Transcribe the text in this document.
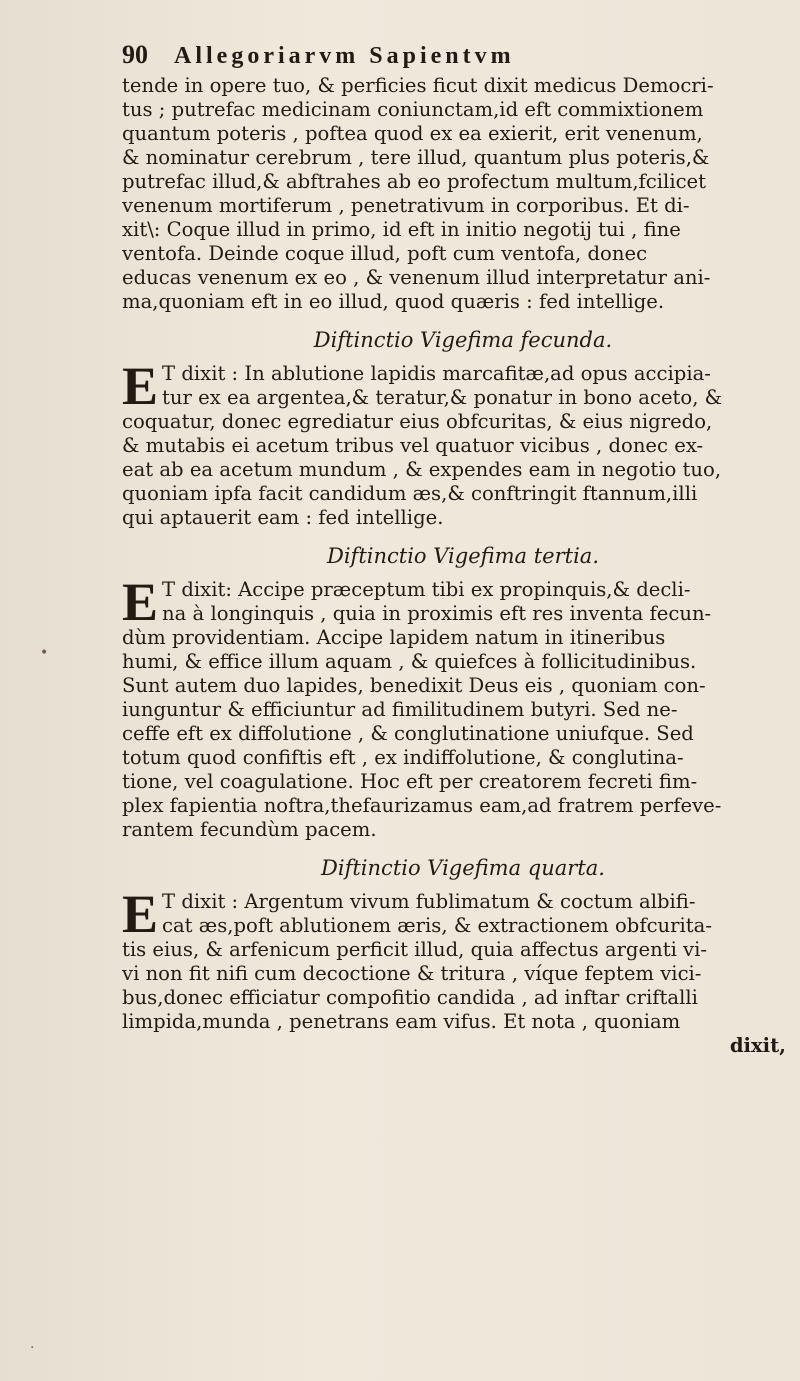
90	Allegoriarvm Sapientvm
tende in opere tuo, & perficies ficut dixit medicus Democri-
tus ; putrefac medicinam coniunctam,id eft commixtionem
quantum poteris , poftea quod ex ea exierit, erit venenum,
& nominatur cerebrum , tere illud, quantum plus poteris,&
putrefac illud,& abftrahes ab eo profectum multum,fcilicet
venenum mortiferum , penetrativum in corporibus. Et di-
xit\: Coque illud in primo, id eft in initio negotij tui , fine
ventofa. Deinde coque illud, poft cum ventofa, donec
educas venenum ex eo , & venenum illud interpretatur ani-
ma,quoniam eft in eo illud, quod quæris : fed intellige.
Diftinctio Vigefima fecunda.
E T dixit : In ablutione lapidis marcafitæ,ad opus accipia-
tur ex ea argentea,& teratur,& ponatur in bono aceto, &
coquatur, donec egrediatur eius obfcuritas, & eius nigredo,
& mutabis ei acetum tribus vel quatuor vicibus , donec ex-
eat ab ea acetum mundum , & expendes eam in negotio tuo,
quoniam ipfa facit candidum æs,& conftringit ftannum,illi
qui aptauerit eam : fed intellige.
Diftinctio Vigefima tertia.
E T dixit: Accipe præceptum tibi ex propinquis,& decli-
na à longinquis , quia in proximis eft res inventa fecun-
dùm providentiam. Accipe lapidem natum in itineribus
humi, & effice illum aquam , & quiefces à follicitudinibus.
Sunt autem duo lapides, benedixit Deus eis , quoniam con-
iunguntur & efficiuntur ad fimilitudinem butyri. Sed ne-
ceffe eft ex diffolutione , & conglutinatione uniufque. Sed
totum quod confiftis eft , ex indiffolutione, & conglutina-
tione, vel coagulatione. Hoc eft per creatorem fecreti fim-
plex fapientia noftra,thefaurizamus eam,ad fratrem perfeve-
rantem fecundùm pacem.
Diftinctio Vigefima quarta.
E T dixit : Argentum vivum fublimatum & coctum albifi-
cat æs,poft ablutionem æris, & extractionem obfcurita-
tis eius, & arfenicum perficit illud, quia affectus argenti vi-
vi non fit nifi cum decoctione & tritura , víque feptem vici-
bus,donec efficiatur compofitio candida , ad inftar criftalli
limpida,munda , penetrans eam vifus. Et nota , quoniam
dixit,
•
·
